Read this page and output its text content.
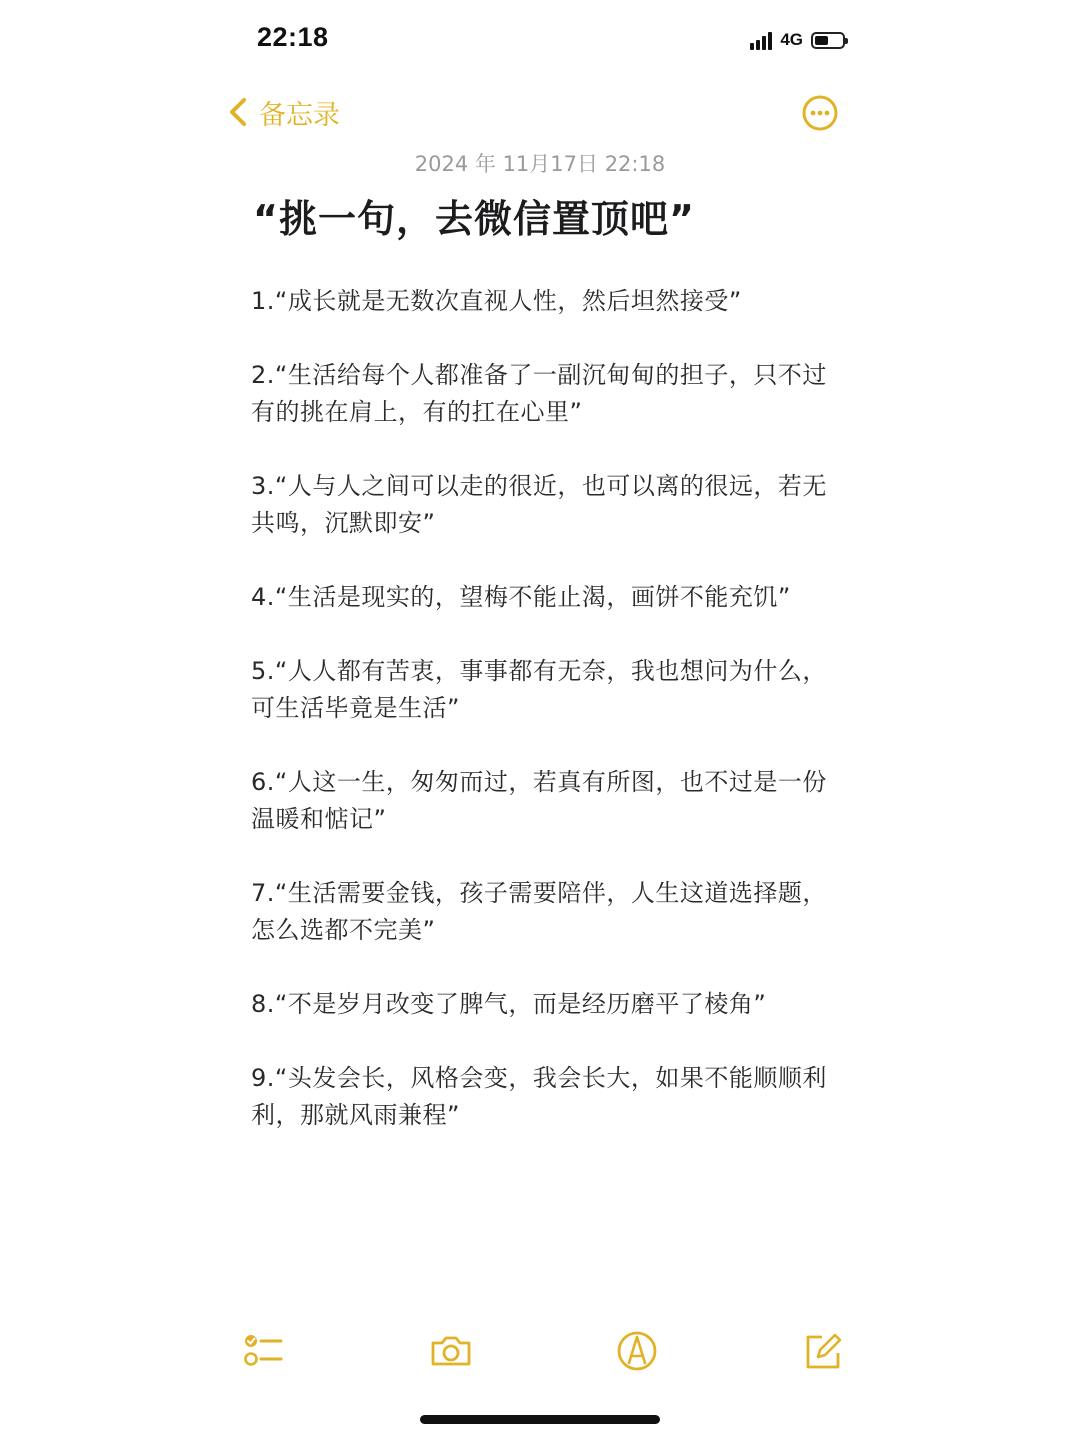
22:18	4G
备忘录
2024 年 11月17日 22:18
“挑一句，去微信置顶吧”
1.“成长就是无数次直视人性，然后坦然接受”
2.“生活给每个人都准备了一副沉甸甸的担子，只不过有的挑在肩上，有的扛在心里”
3.“人与人之间可以走的很近，也可以离的很远，若无共鸣，沉默即安”
4.“生活是现实的，望梅不能止渴，画饼不能充饥”
5.“人人都有苦衷，事事都有无奈，我也想问为什么，可生活毕竟是生活”
6.“人这一生，匆匆而过，若真有所图，也不过是一份温暖和惦记”
7.“生活需要金钱，孩子需要陪伴，人生这道选择题，怎么选都不完美”
8.“不是岁月改变了脾气，而是经历磨平了棱角”
9.“头发会长，风格会变，我会长大，如果不能顺顺利利，那就风雨兼程”
